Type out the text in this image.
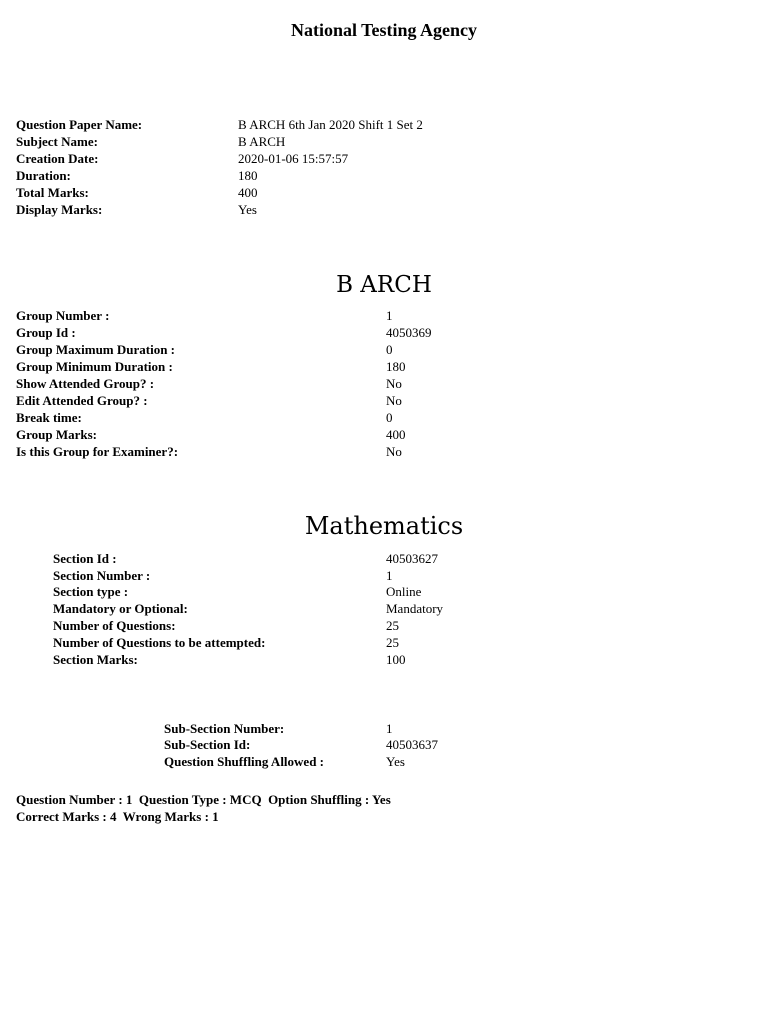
National Testing Agency
Question Paper Name:	B ARCH 6th Jan 2020 Shift 1 Set 2
Subject Name:	B ARCH
Creation Date:	2020-01-06 15:57:57
Duration:	180
Total Marks:	400
Display Marks:	Yes
B ARCH
Group Number :	1
Group Id :	4050369
Group Maximum Duration :	0
Group Minimum Duration :	180
Show Attended Group? :	No
Edit Attended Group? :	No
Break time:	0
Group Marks:	400
Is this Group for Examiner?:	No
Mathematics
Section Id :	40503627
Section Number :	1
Section type :	Online
Mandatory or Optional:	Mandatory
Number of Questions:	25
Number of Questions to be attempted:	25
Section Marks:	100
Sub-Section Number:	1
Sub-Section Id:	40503637
Question Shuffling Allowed :	Yes
Question Number : 1  Question Type : MCQ  Option Shuffling : Yes
Correct Marks : 4  Wrong Marks : 1
